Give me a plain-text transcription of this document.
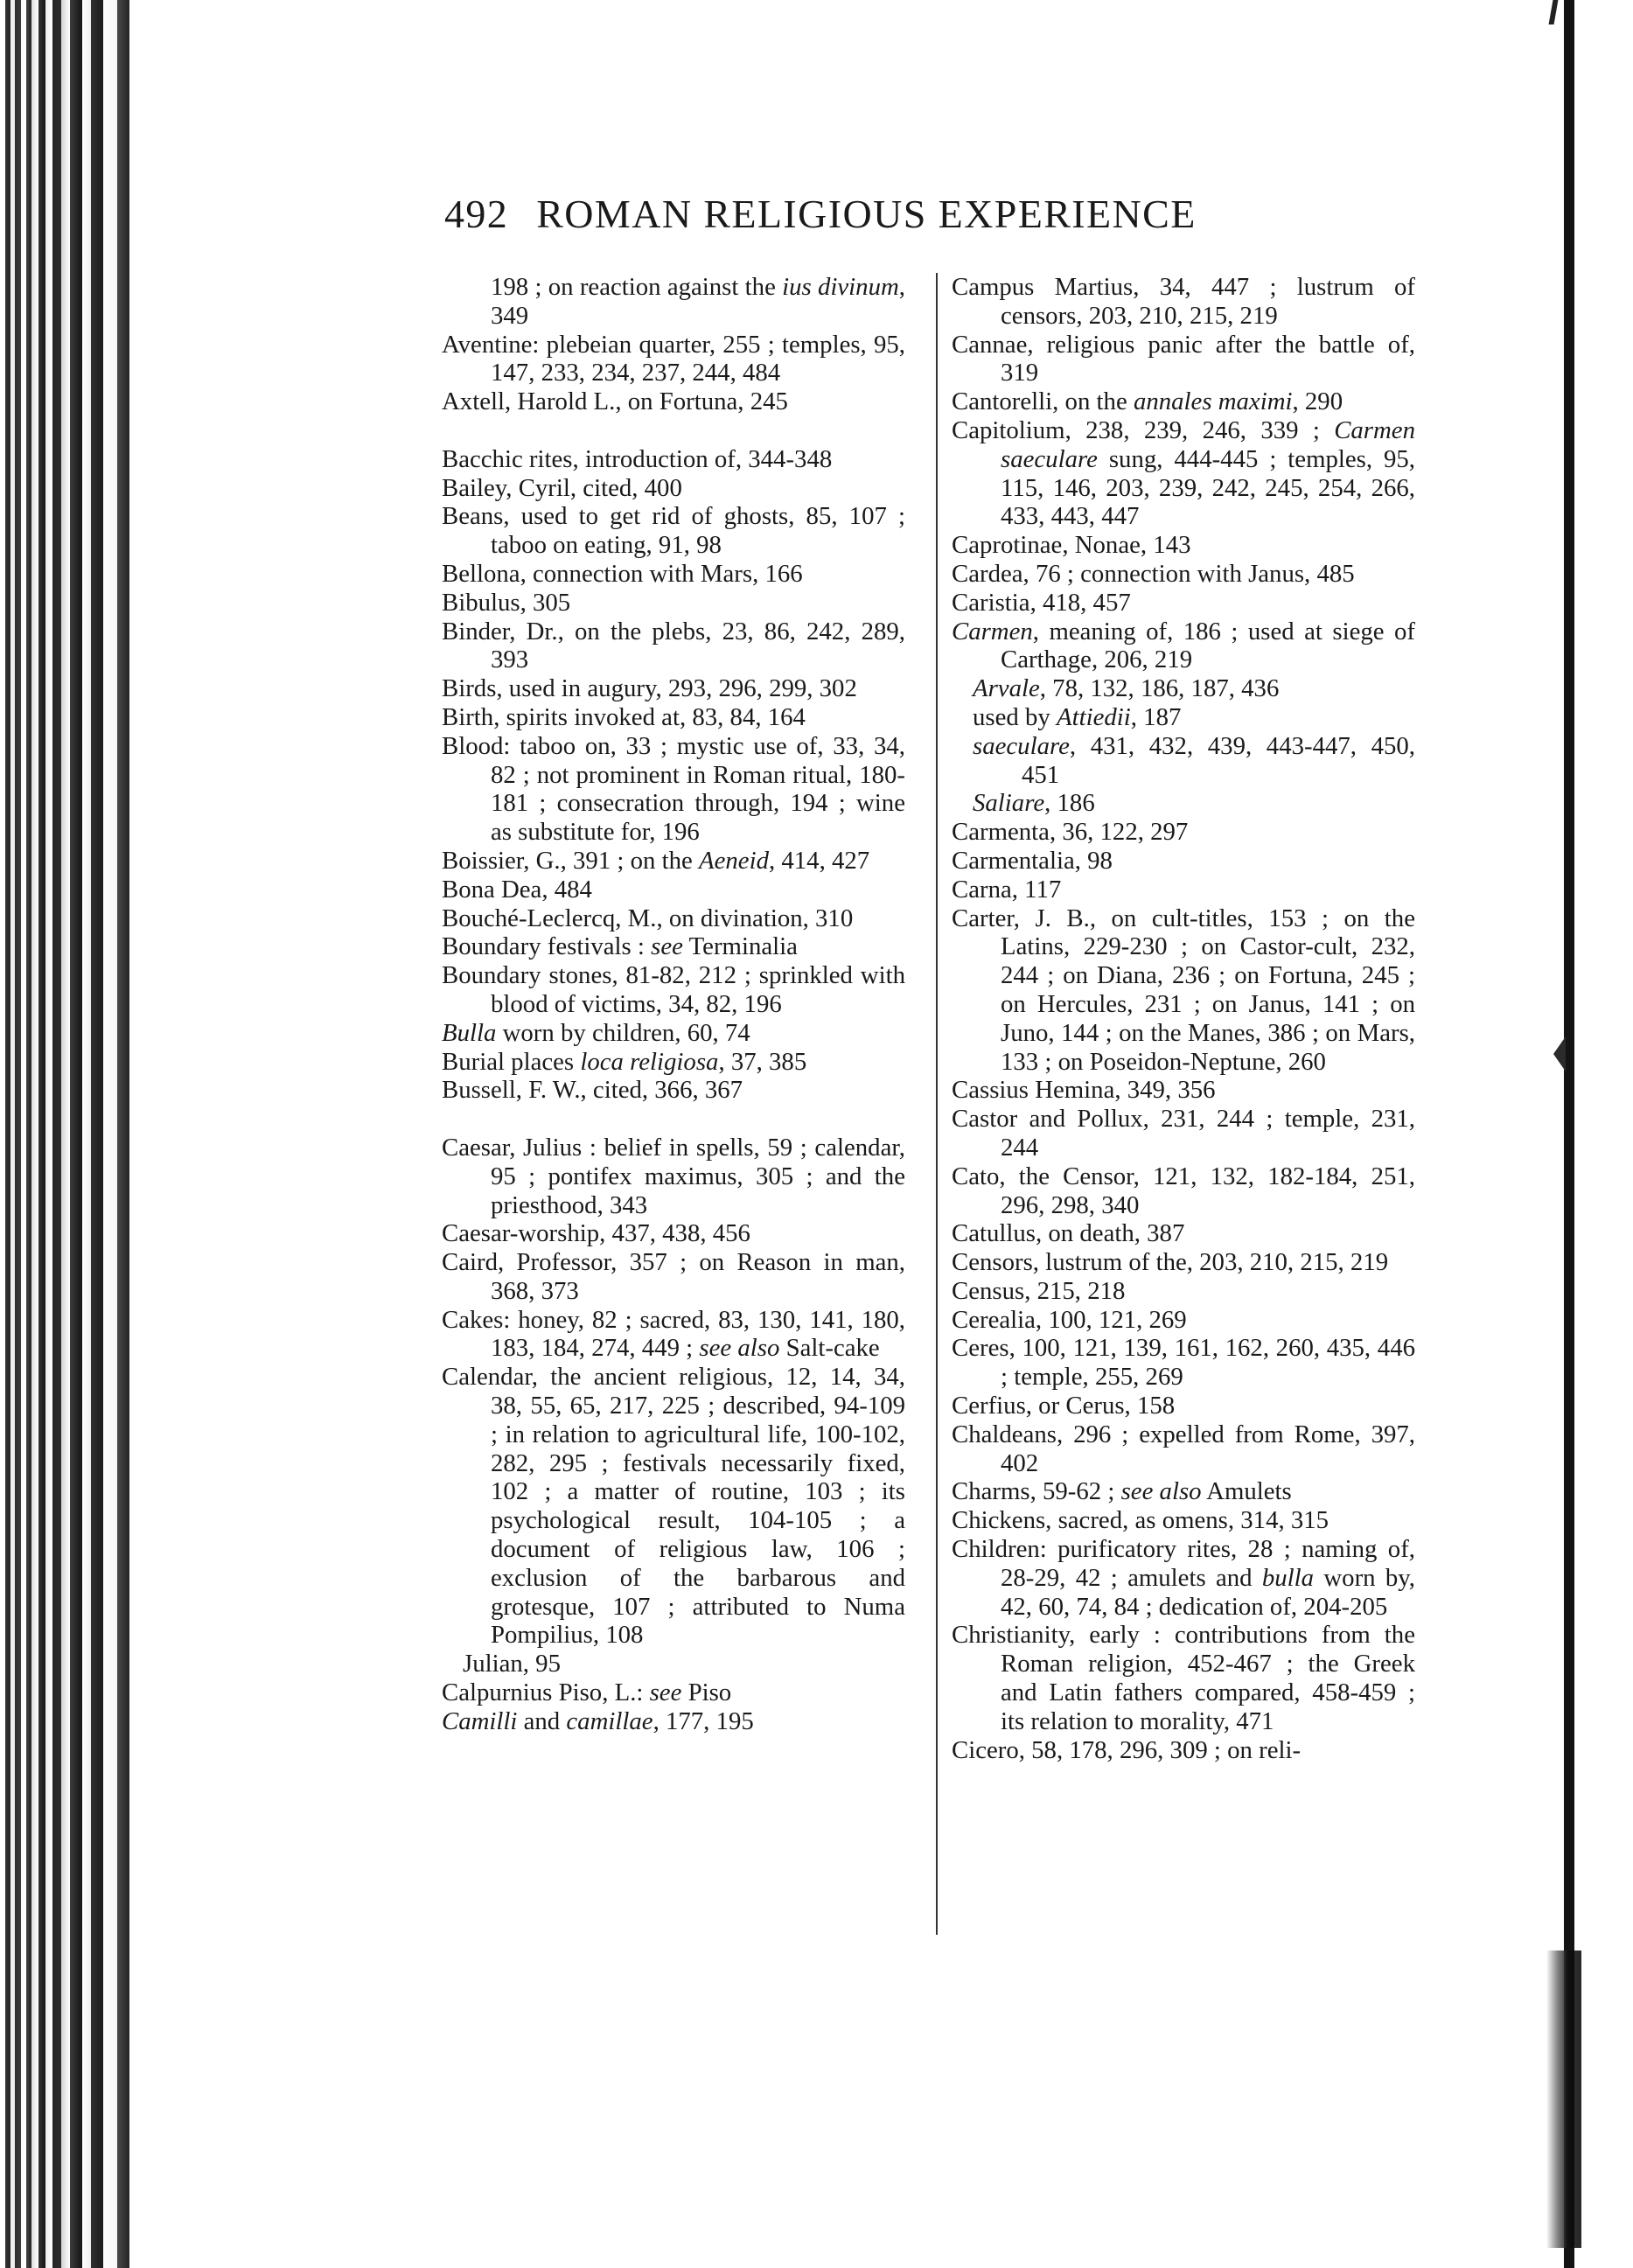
492 ROMAN RELIGIOUS EXPERIENCE

198 ; on reaction against the ius divinum, 349

Aventine: plebeian quarter, 255 ; temples, 95, 147, 233, 234, 237, 244, 484

Axtell, Harold L., on Fortuna, 245

Bacchic rites, introduction of, 344-348

Bailey, Cyril, cited, 400

Beans, used to get rid of ghosts, 85, 107 ; taboo on eating, 91, 98

Bellona, connection with Mars, 166

Bibulus, 305

Binder, Dr., on the plebs, 23, 86, 242, 289, 393

Birds, used in augury, 293, 296, 299, 302

Birth, spirits invoked at, 83, 84, 164

Blood: taboo on, 33 ; mystic use of, 33, 34, 82 ; not prominent in Roman ritual, 180-181 ; consecration through, 194 ; wine as substitute for, 196

Boissier, G., 391 ; on the Aeneid, 414, 427

Bona Dea, 484

Bouché-Leclercq, M., on divination, 310

Boundary festivals : see Terminalia

Boundary stones, 81-82, 212 ; sprinkled with blood of victims, 34, 82, 196

Bulla worn by children, 60, 74

Burial places loca religiosa, 37, 385

Bussell, F. W., cited, 366, 367

Caesar, Julius : belief in spells, 59 ; calendar, 95 ; pontifex maximus, 305 ; and the priesthood, 343

Caesar-worship, 437, 438, 456

Caird, Professor, 357 ; on Reason in man, 368, 373

Cakes: honey, 82 ; sacred, 83, 130, 141, 180, 183, 184, 274, 449 ; see also Salt-cake

Calendar, the ancient religious, 12, 14, 34, 38, 55, 65, 217, 225 ; described, 94-109 ; in relation to agricultural life, 100-102, 282, 295 ; festivals necessarily fixed, 102 ; a matter of routine, 103 ; its psychological result, 104-105 ; a document of religious law, 106 ; exclusion of the barbarous and grotesque, 107 ; attributed to Numa Pompilius, 108

Julian, 95

Calpurnius Piso, L.: see Piso

Camilli and camillae, 177, 195

Campus Martius, 34, 447 ; lustrum of censors, 203, 210, 215, 219

Cannae, religious panic after the battle of, 319

Cantorelli, on the annales maximi, 290

Capitolium, 238, 239, 246, 339 ; Carmen saeculare sung, 444-445 ; temples, 95, 115, 146, 203, 239, 242, 245, 254, 266, 433, 443, 447

Caprotinae, Nonae, 143

Cardea, 76 ; connection with Janus, 485

Caristia, 418, 457

Carmen, meaning of, 186 ; used at siege of Carthage, 206, 219

Arvale, 78, 132, 186, 187, 436

used by Attiedii, 187

saeculare, 431, 432, 439, 443-447, 450, 451

Saliare, 186

Carmenta, 36, 122, 297

Carmentalia, 98

Carna, 117

Carter, J. B., on cult-titles, 153 ; on the Latins, 229-230 ; on Castor-cult, 232, 244 ; on Diana, 236 ; on Fortuna, 245 ; on Hercules, 231 ; on Janus, 141 ; on Juno, 144 ; on the Manes, 386 ; on Mars, 133 ; on Poseidon-Neptune, 260

Cassius Hemina, 349, 356

Castor and Pollux, 231, 244 ; temple, 231, 244

Cato, the Censor, 121, 132, 182-184, 251, 296, 298, 340

Catullus, on death, 387

Censors, lustrum of the, 203, 210, 215, 219

Census, 215, 218

Cerealia, 100, 121, 269

Ceres, 100, 121, 139, 161, 162, 260, 435, 446 ; temple, 255, 269

Cerfius, or Cerus, 158

Chaldeans, 296 ; expelled from Rome, 397, 402

Charms, 59-62 ; see also Amulets

Chickens, sacred, as omens, 314, 315

Children: purificatory rites, 28 ; naming of, 28-29, 42 ; amulets and bulla worn by, 42, 60, 74, 84 ; dedication of, 204-205

Christianity, early : contributions from the Roman religion, 452-467 ; the Greek and Latin fathers compared, 458-459 ; its relation to morality, 471

Cicero, 58, 178, 296, 309 ; on reli-
